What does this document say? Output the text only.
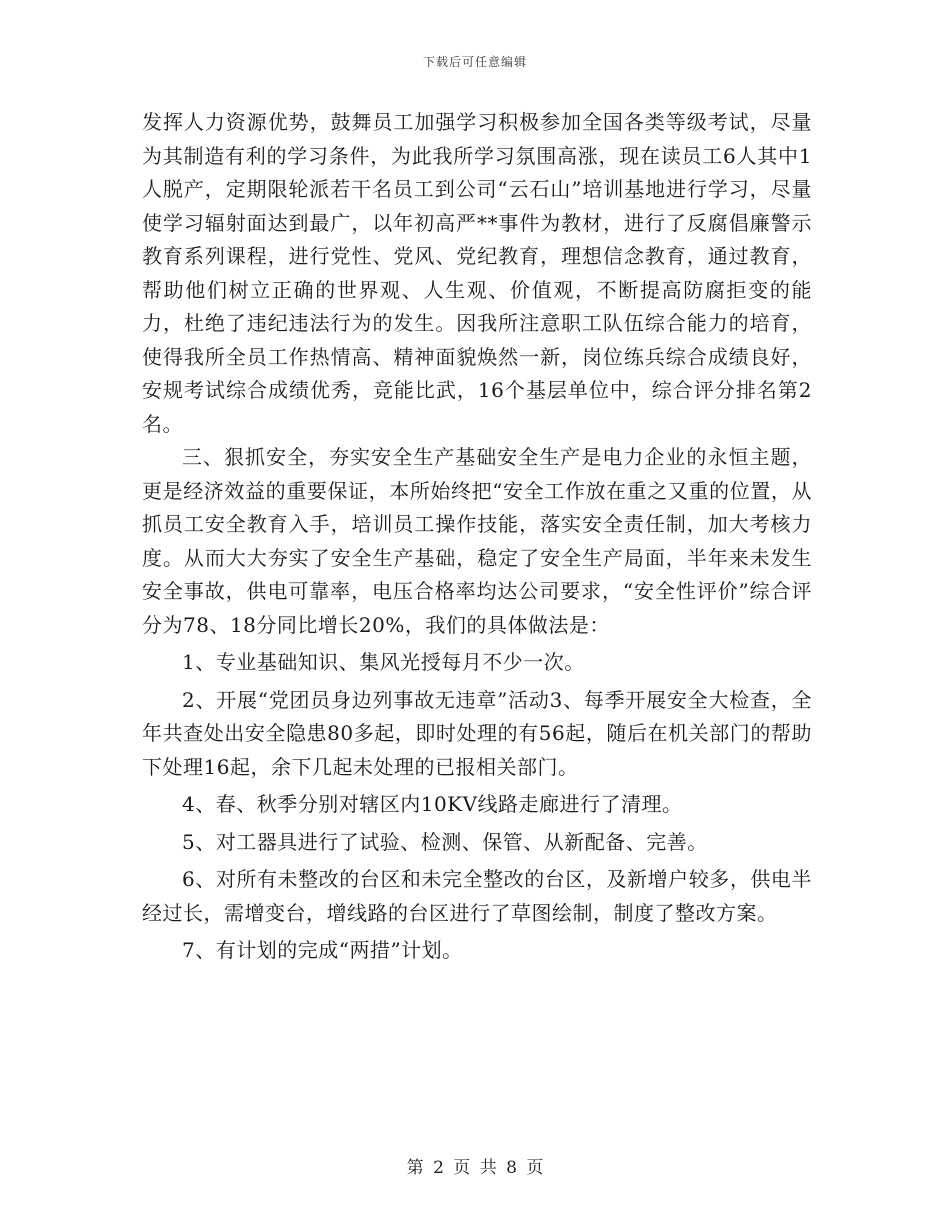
下载后可任意编辑

发挥人力资源优势，鼓舞员工加强学习积极参加全国各类等级考试，尽量为其制造有利的学习条件，为此我所学习氛围高涨，现在读员工6人其中1人脱产，定期限轮派若干名员工到公司“云石山”培训基地进行学习，尽量使学习辐射面达到最广，以年初高严**事件为教材，进行了反腐倡廉警示教育系列课程，进行党性、党风、党纪教育，理想信念教育，通过教育，帮助他们树立正确的世界观、人生观、价值观，不断提高防腐拒变的能力，杜绝了违纪违法行为的发生。因我所注意职工队伍综合能力的培育，使得我所全员工作热情高、精神面貌焕然一新，岗位练兵综合成绩良好，安规考试综合成绩优秀，竞能比武，16个基层单位中，综合评分排名第2名。

三、狠抓安全，夯实安全生产基础安全生产是电力企业的永恒主题，更是经济效益的重要保证，本所始终把“安全工作放在重之又重的位置，从抓员工安全教育入手，培训员工操作技能，落实安全责任制，加大考核力度。从而大大夯实了安全生产基础，稳定了安全生产局面，半年来未发生安全事故，供电可靠率，电压合格率均达公司要求，“安全性评价”综合评分为78、18分同比增长20%，我们的具体做法是：

1、专业基础知识、集风光授每月不少一次。

2、开展“党团员身边列事故无违章”活动3、每季开展安全大检查，全年共查处出安全隐患80多起，即时处理的有56起，随后在机关部门的帮助下处理16起，余下几起未处理的已报相关部门。

4、春、秋季分别对辖区内10KV线路走廊进行了清理。

5、对工器具进行了试验、检测、保管、从新配备、完善。

6、对所有未整改的台区和未完全整改的台区，及新增户较多，供电半经过长，需增变台，增线路的台区进行了草图绘制，制度了整改方案。

7、有计划的完成“两措”计划。

第 2 页 共 8 页
